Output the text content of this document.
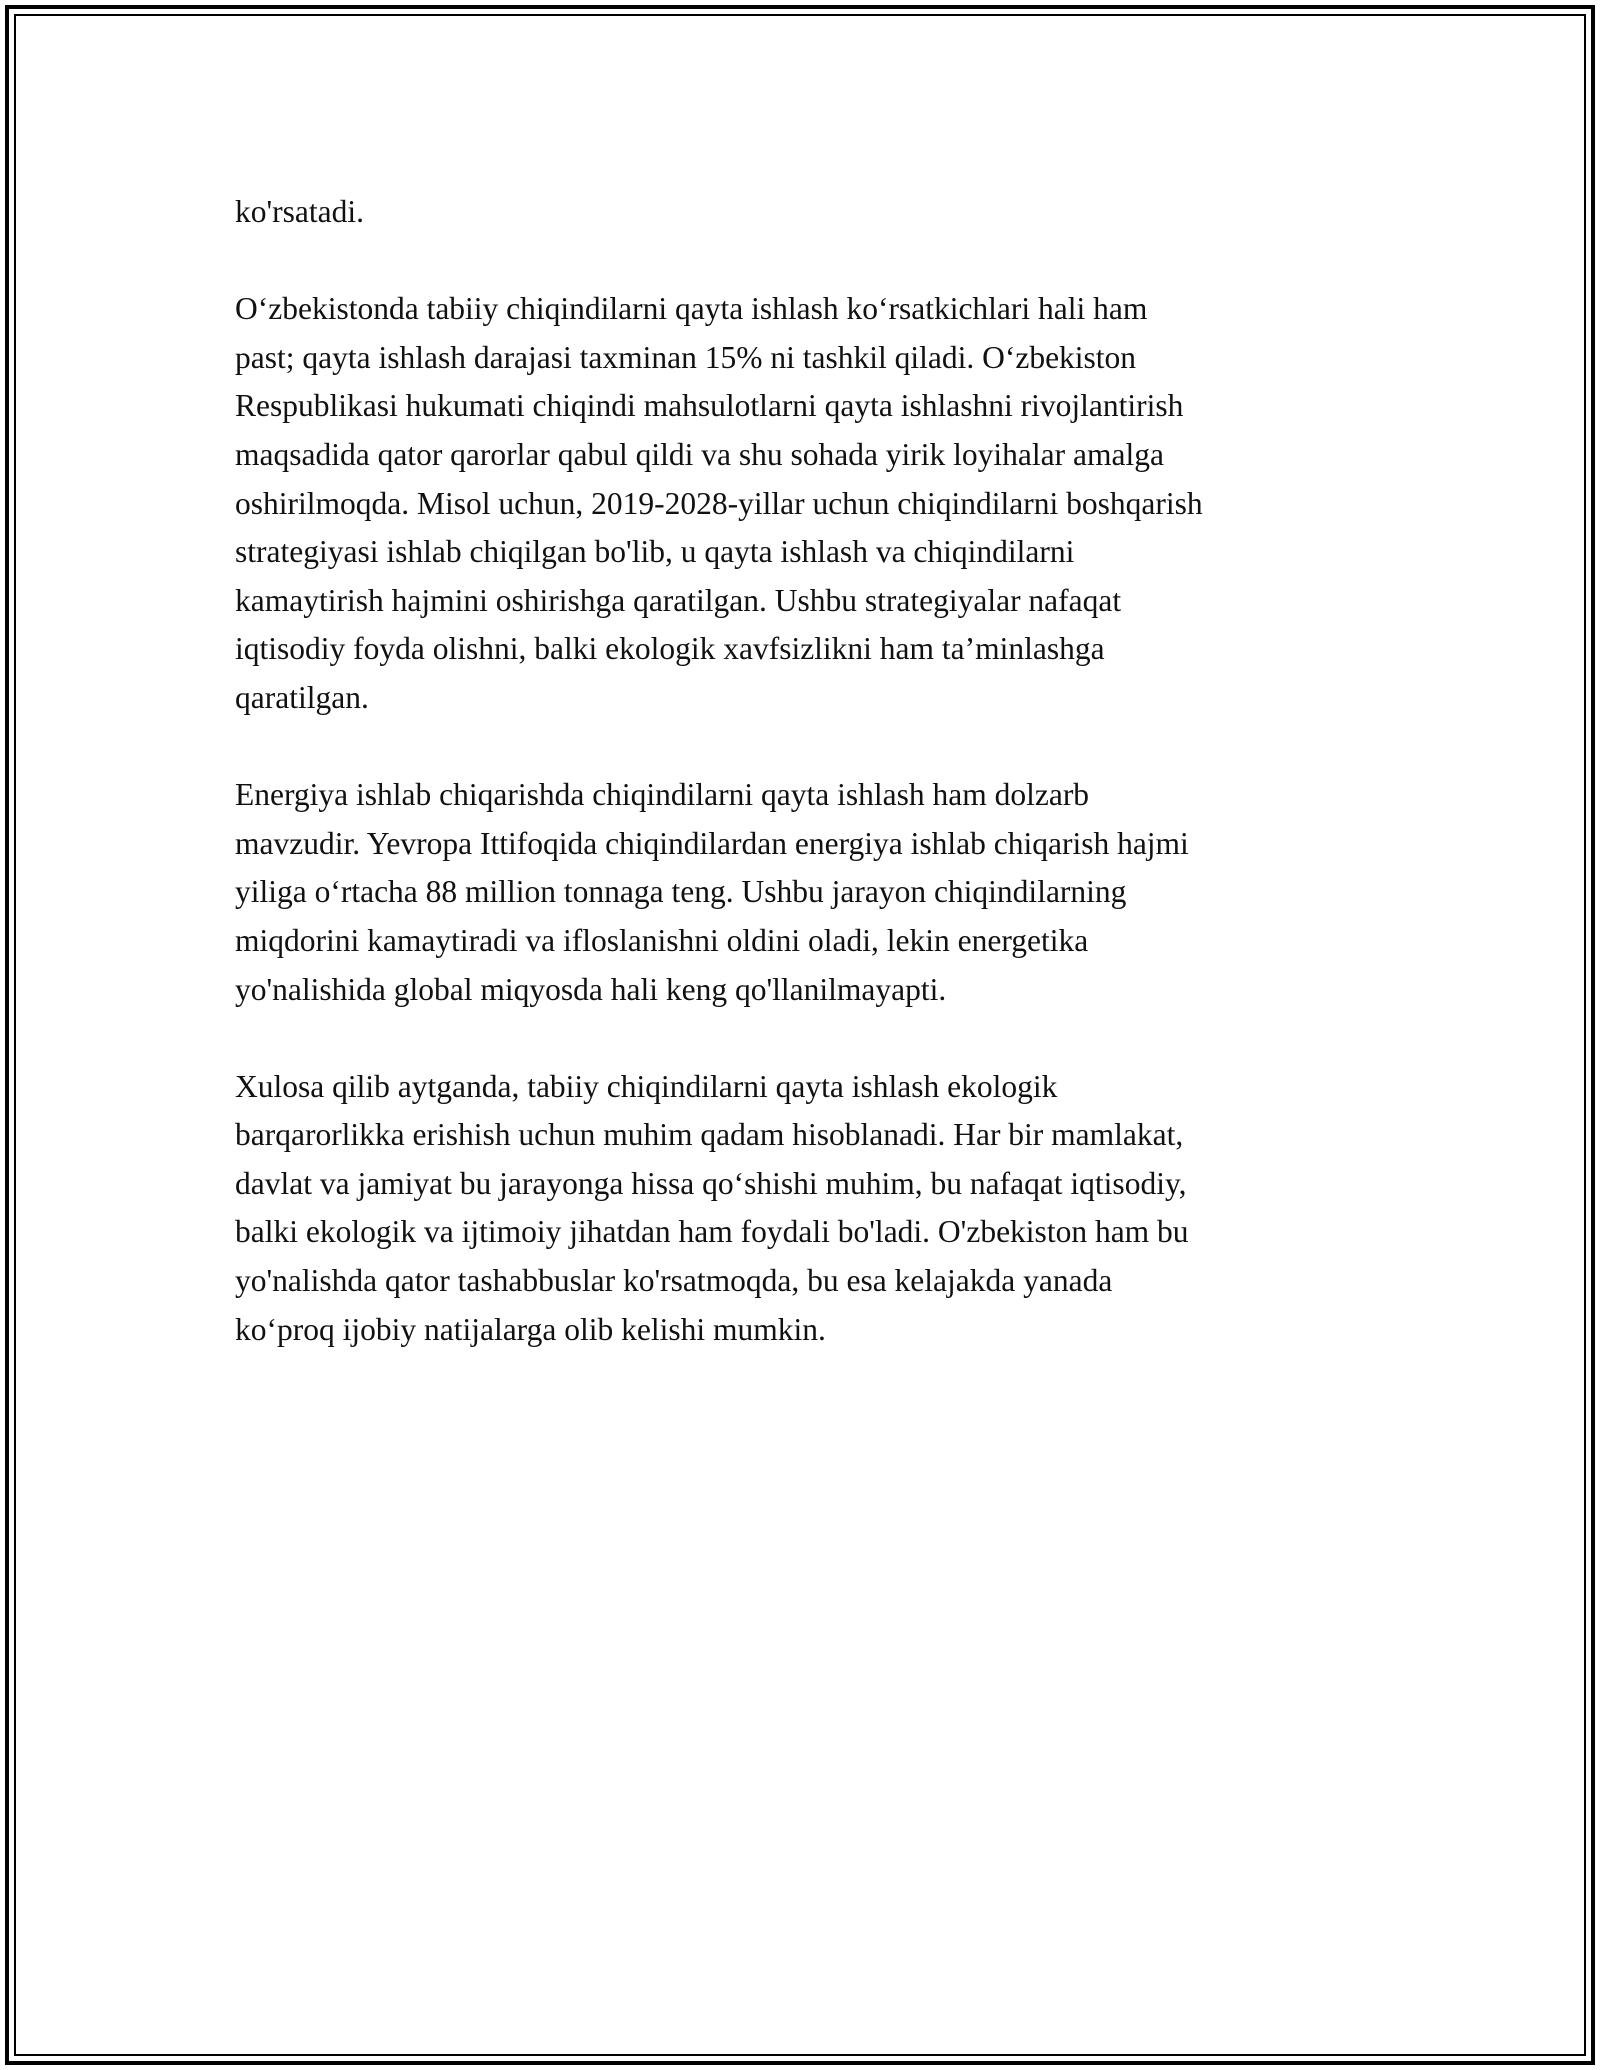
ko'rsatadi.

O‘zbekistonda tabiiy chiqindilarni qayta ishlash ko‘rsatkichlari hali ham
past; qayta ishlash darajasi taxminan 15% ni tashkil qiladi. O‘zbekiston
Respublikasi hukumati chiqindi mahsulotlarni qayta ishlashni rivojlantirish
maqsadida qator qarorlar qabul qildi va shu sohada yirik loyihalar amalga
oshirilmoqda. Misol uchun, 2019-2028-yillar uchun chiqindilarni boshqarish
strategiyasi ishlab chiqilgan bo'lib, u qayta ishlash va chiqindilarni
kamaytirish hajmini oshirishga qaratilgan. Ushbu strategiyalar nafaqat
iqtisodiy foyda olishni, balki ekologik xavfsizlikni ham ta’minlashga
qaratilgan.

Energiya ishlab chiqarishda chiqindilarni qayta ishlash ham dolzarb
mavzudir. Yevropa Ittifoqida chiqindilardan energiya ishlab chiqarish hajmi
yiliga o‘rtacha 88 million tonnaga teng. Ushbu jarayon chiqindilarning
miqdorini kamaytiradi va ifloslanishni oldini oladi, lekin energetika
yo'nalishida global miqyosda hali keng qo'llanilmayapti.

Xulosa qilib aytganda, tabiiy chiqindilarni qayta ishlash ekologik
barqarorlikka erishish uchun muhim qadam hisoblanadi. Har bir mamlakat,
davlat va jamiyat bu jarayonga hissa qo‘shishi muhim, bu nafaqat iqtisodiy,
balki ekologik va ijtimoiy jihatdan ham foydali bo'ladi. O'zbekiston ham bu
yo'nalishda qator tashabbuslar ko'rsatmoqda, bu esa kelajakda yanada
ko‘proq ijobiy natijalarga olib kelishi mumkin.
